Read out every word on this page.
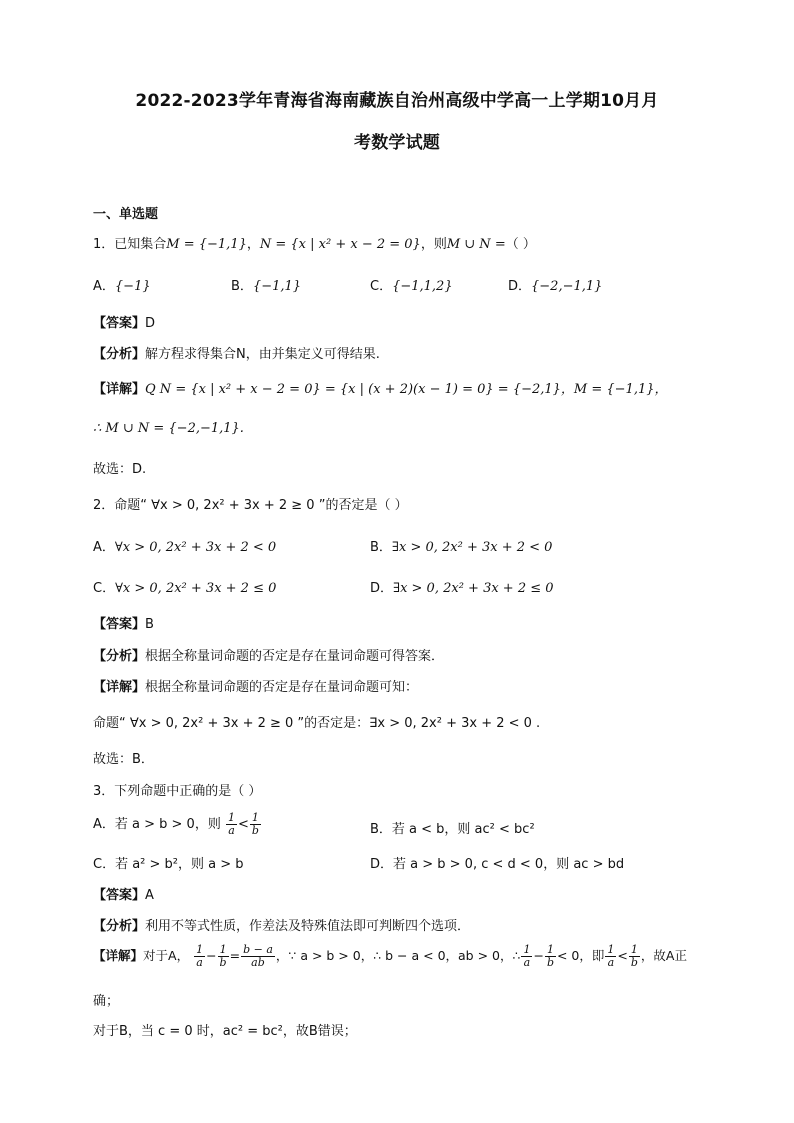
2022-2023学年青海省海南藏族自治州高级中学高一上学期10月月
考数学试题
一、单选题
1．已知集合M = {−1,1}，N = {x | x² + x − 2 = 0}，则M ∪ N =（ ）
A．{−1}	B．{−1,1}	C．{−1,1,2}	D．{−2,−1,1}
【答案】D
【分析】解方程求得集合N，由并集定义可得结果.
【详解】Q N = {x | x² + x − 2 = 0} = {x | (x + 2)(x − 1) = 0} = {−2,1}，M = {−1,1}，
∴ M ∪ N = {−2,−1,1}.
故选：D.
2．命题“ ∀x > 0, 2x² + 3x + 2 ≥ 0 ”的否定是（ ）
A．∀x > 0, 2x² + 3x + 2 < 0	B．∃x > 0, 2x² + 3x + 2 < 0
C．∀x > 0, 2x² + 3x + 2 ≤ 0	D．∃x > 0, 2x² + 3x + 2 ≤ 0
【答案】B
【分析】根据全称量词命题的否定是存在量词命题可得答案．
【详解】根据全称量词命题的否定是存在量词命题可知：
命题“ ∀x > 0, 2x² + 3x + 2 ≥ 0 ”的否定是：∃x > 0, 2x² + 3x + 2 < 0 .
故选：B．
3．下列命题中正确的是（ ）
A．若 a > b > 0，则 $\frac{1}{a} < \frac{1}{b}$	B．若 a < b，则 ac² < bc²
C．若 a² > b²，则 a > b	D．若 a > b > 0, c < d < 0，则 ac > bd
【答案】A
【分析】利用不等式性质，作差法及特殊值法即可判断四个选项．
【详解】对于A， $\frac{1}{a} - \frac{1}{b} = \frac{b - a}{ab}$ ，∵ a > b > 0，∴ b − a < 0，ab > 0，∴ $\frac{1}{a} - \frac{1}{b} < 0$，即 $\frac{1}{a} < \frac{1}{b}$ ，故A正
确；
对于B，当 c = 0 时，ac² = bc²，故B错误；
